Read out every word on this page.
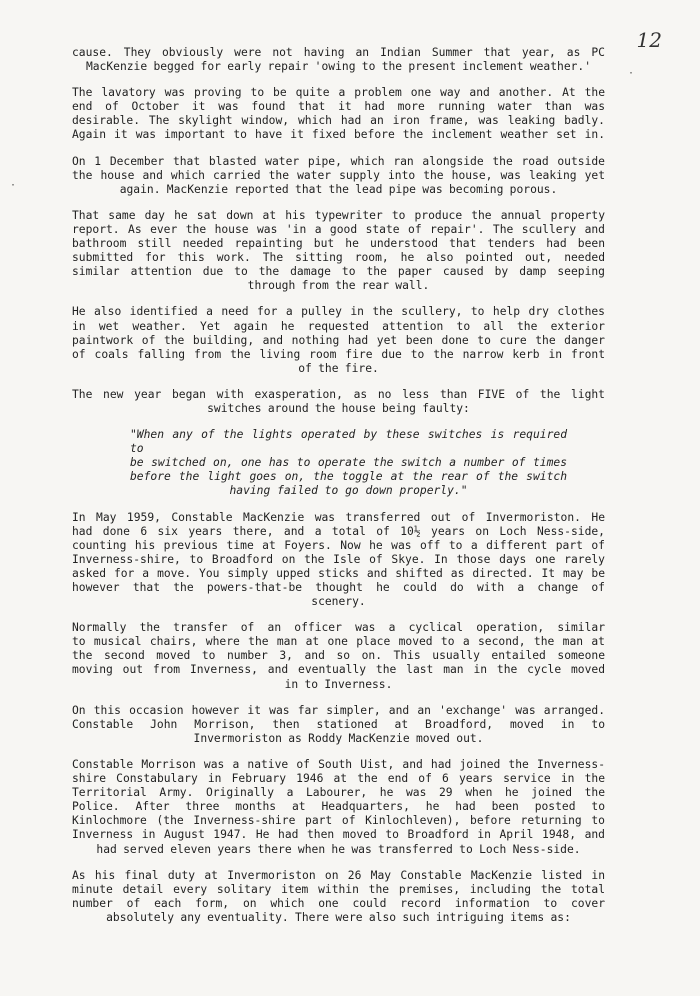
12
cause. They obviously were not having an Indian Summer that year, as PC
MacKenzie begged for early repair 'owing to the present inclement weather.'
The lavatory was proving to be quite a problem one way and another. At the
end of October it was found that it had more running water than was
desirable. The skylight window, which had an iron frame, was leaking badly.
Again it was important to have it fixed before the inclement weather set in.
On 1 December that blasted water pipe, which ran alongside the road outside
the house and which carried the water supply into the house, was leaking yet
again. MacKenzie reported that the lead pipe was becoming porous.
That same day he sat down at his typewriter to produce the annual property
report. As ever the house was 'in a good state of repair'. The scullery and
bathroom still needed repainting but he understood that tenders had been
submitted for this work. The sitting room, he also pointed out, needed
similar attention due to the damage to the paper caused by damp seeping
through from the rear wall.
He also identified a need for a pulley in the scullery, to help dry clothes
in wet weather. Yet again he requested attention to all the exterior
paintwork of the building, and nothing had yet been done to cure the danger
of coals falling from the living room fire due to the narrow kerb in front
of the fire.
The new year began with exasperation, as no less than FIVE of the light
switches around the house being faulty:
"When any of the lights operated by these switches is required to
be switched on, one has to operate the switch a number of times
before the light goes on, the toggle at the rear of the switch
having failed to go down properly."
In May 1959, Constable MacKenzie was transferred out of Invermoriston. He
had done 6 six years there, and a total of 10½ years on Loch Ness-side,
counting his previous time at Foyers. Now he was off to a different part of
Inverness-shire, to Broadford on the Isle of Skye. In those days one rarely
asked for a move. You simply upped sticks and shifted as directed. It may be
however that the powers-that-be thought he could do with a change of
scenery.
Normally the transfer of an officer was a cyclical operation, similar
to musical chairs, where the man at one place moved to a second, the man at
the second moved to number 3, and so on. This usually entailed someone
moving out from Inverness, and eventually the last man in the cycle moved
in to Inverness.
On this occasion however it was far simpler, and an 'exchange' was arranged.
Constable John Morrison, then stationed at Broadford, moved in to
Invermoriston as Roddy MacKenzie moved out.
Constable Morrison was a native of South Uist, and had joined the Inverness-
shire Constabulary in February 1946 at the end of 6 years service in the
Territorial Army. Originally a Labourer, he was 29 when he joined the
Police. After three months at Headquarters, he had been posted to
Kinlochmore (the Inverness-shire part of Kinlochleven), before returning to
Inverness in August 1947. He had then moved to Broadford in April 1948, and
had served eleven years there when he was transferred to Loch Ness-side.
As his final duty at Invermoriston on 26 May Constable MacKenzie listed in
minute detail every solitary item within the premises, including the total
number of each form, on which one could record information to cover
absolutely any eventuality. There were also such intriguing items as:
·
·
